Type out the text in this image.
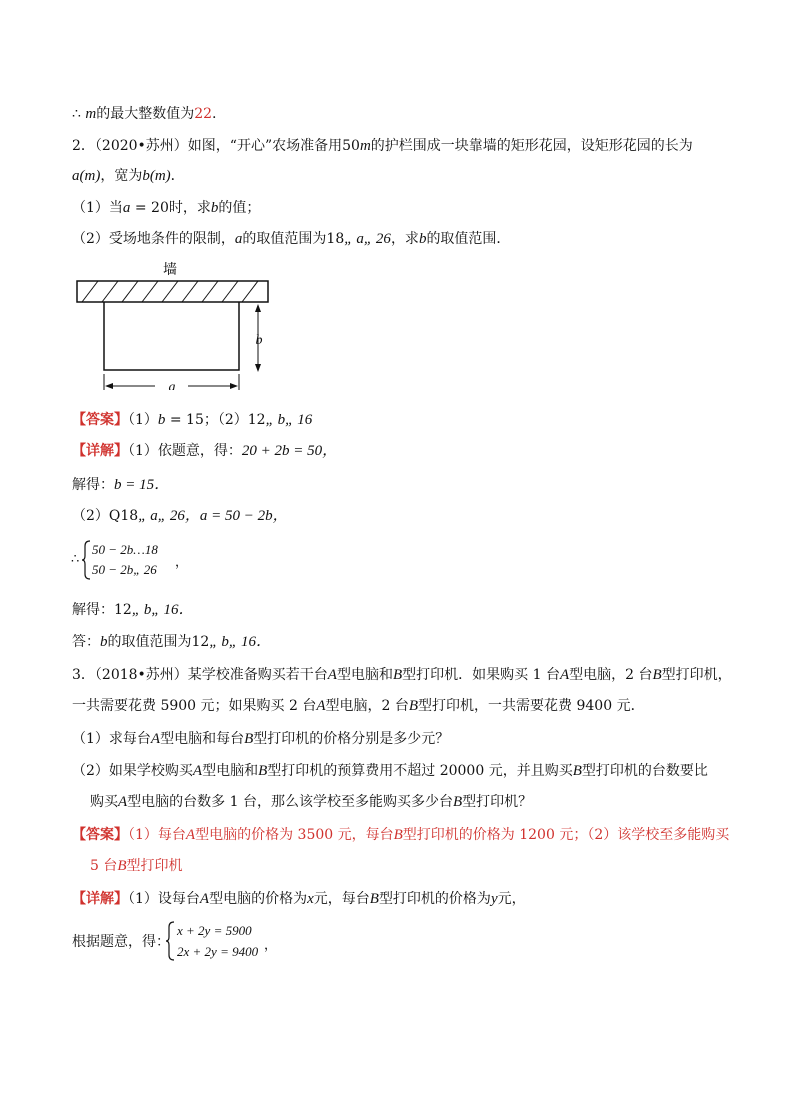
∴ m的最大整数值为22.
2．（2020•苏州）如图，“开心”农场准备用50m的护栏围成一块靠墙的矩形花园，设矩形花园的长为
a(m)，宽为b(m)．
（1）当a = 20时，求b的值；
（2）受场地条件的限制，a的取值范围为18„ a„ 26，求b的取值范围．
墙
b
a
【答案】（1）b = 15；（2）12„ b„ 16
【详解】（1）依题意，得：20 + 2b = 50，
解得：b = 15．
（2）Q18„ a„ 26，a = 50 − 2b，
∴
50 − 2b…18
50 − 2b„ 26 ，
解得：12„ b„ 16．
答：b的取值范围为12„ b„ 16．
3．（2018•苏州）某学校准备购买若干台A型电脑和B型打印机．如果购买 1 台A型电脑，2 台B型打印机，
一共需要花费 5900 元；如果购买 2 台A型电脑，2 台B型打印机，一共需要花费 9400 元．
（1）求每台A型电脑和每台B型打印机的价格分别是多少元？
（2）如果学校购买A型电脑和B型打印机的预算费用不超过 20000 元，并且购买B型打印机的台数要比
购买A型电脑的台数多 1 台，那么该学校至多能购买多少台B型打印机？
【答案】（1）每台A型电脑的价格为 3500 元，每台B型打印机的价格为 1200 元；（2）该学校至多能购买
5 台B型打印机
【详解】（1）设每台A型电脑的价格为x元，每台B型打印机的价格为y元，
根据题意，得：
x + 2y = 5900
2x + 2y = 9400 ，
